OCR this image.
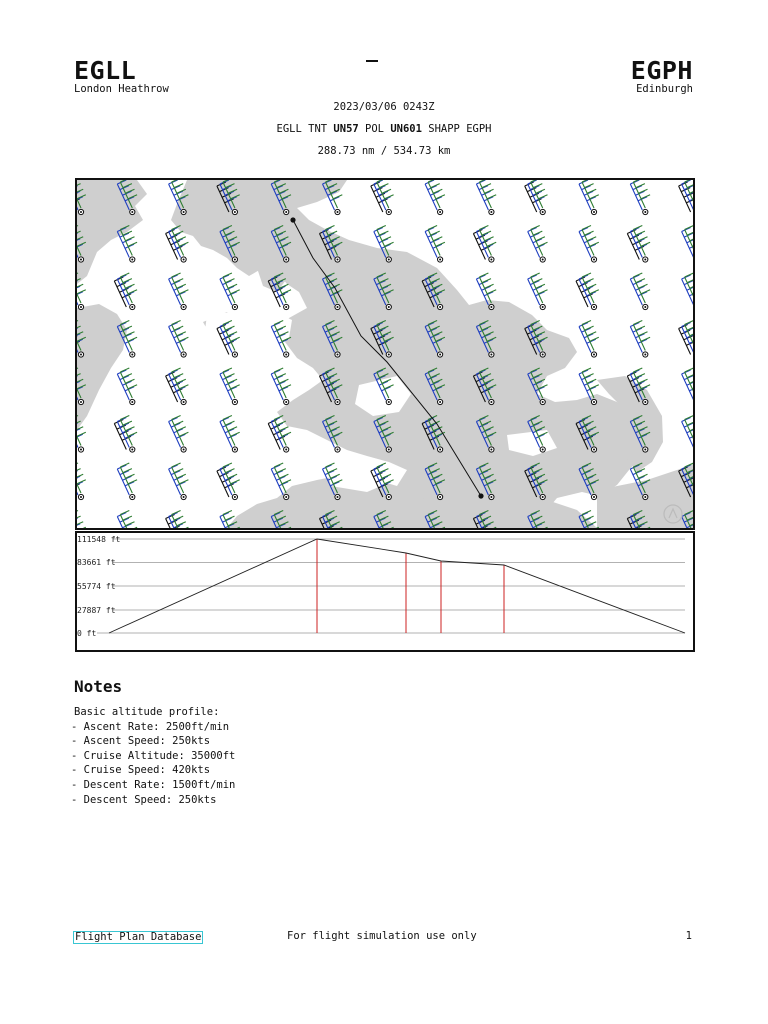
EGLL
London Heathrow
EGPH
Edinburgh
2023/03/06 0243Z
EGLL TNT UN57 POL UN601 SHAPP EGPH
288.73 nm / 534.73 km
111548 ft
83661 ft
55774 ft
27887 ft
0 ft
Notes
Basic altitude profile:
- Ascent Rate: 2500ft/min
- Ascent Speed: 250kts
- Cruise Altitude: 35000ft
- Cruise Speed: 420kts
- Descent Rate: 1500ft/min
- Descent Speed: 250kts
Flight Plan Database	For flight simulation use only	1
